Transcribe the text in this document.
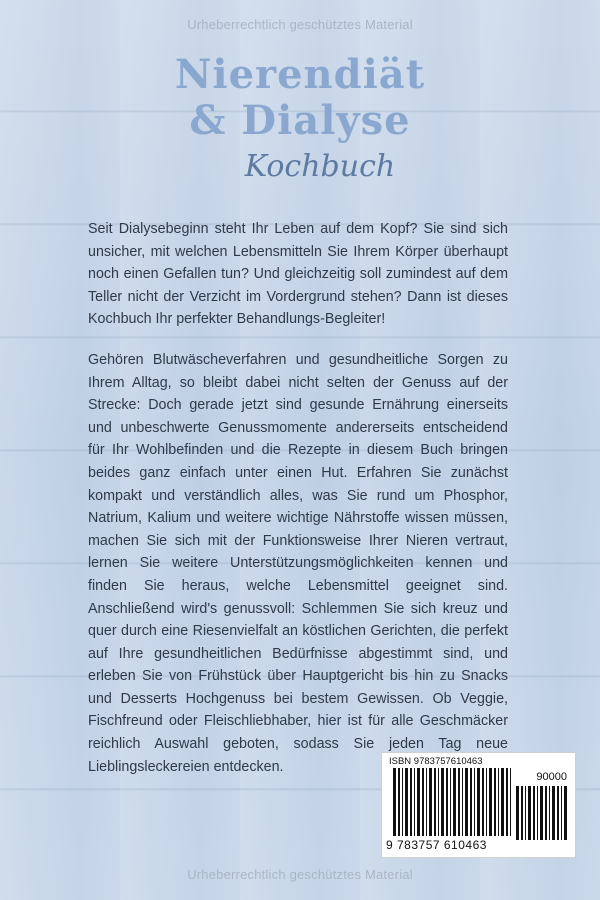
Urheberrechtlich geschütztes Material
Nierendiät
& Dialyse
Kochbuch

Seit Dialysebeginn steht Ihr Leben auf dem Kopf? Sie sind sich unsicher, mit welchen Lebensmitteln Sie Ihrem Körper überhaupt noch einen Gefallen tun? Und gleichzeitig soll zumindest auf dem Teller nicht der Verzicht im Vordergrund stehen? Dann ist dieses Kochbuch Ihr perfekter Behandlungs-Begleiter!

Gehören Blutwäscheverfahren und gesundheitliche Sorgen zu Ihrem Alltag, so bleibt dabei nicht selten der Genuss auf der Strecke: Doch gerade jetzt sind gesunde Ernährung einerseits und unbeschwerte Genussmomente andererseits entscheidend für Ihr Wohlbefinden und die Rezepte in diesem Buch bringen beides ganz einfach unter einen Hut. Erfahren Sie zunächst kompakt und verständlich alles, was Sie rund um Phosphor, Natrium, Kalium und weitere wichtige Nährstoffe wissen müssen, machen Sie sich mit der Funktionsweise Ihrer Nieren vertraut, lernen Sie weitere Unterstützungsmöglichkeiten kennen und finden Sie heraus, welche Lebensmittel geeignet sind. Anschließend wird's genussvoll: Schlemmen Sie sich kreuz und quer durch eine Riesenvielfalt an köstlichen Gerichten, die perfekt auf Ihre gesundheitlichen Bedürfnisse abgestimmt sind, und erleben Sie von Frühstück über Hauptgericht bis hin zu Snacks und Desserts Hochgenuss bei bestem Gewissen. Ob Veggie, Fischfreund oder Fleischliebhaber, hier ist für alle Geschmäcker reichlich Auswahl geboten, sodass Sie jeden Tag neue Lieblingsleckereien entdecken.	ISBN 9783757610463
90000
9 783757 610463
Urheberrechtlich geschütztes Material
